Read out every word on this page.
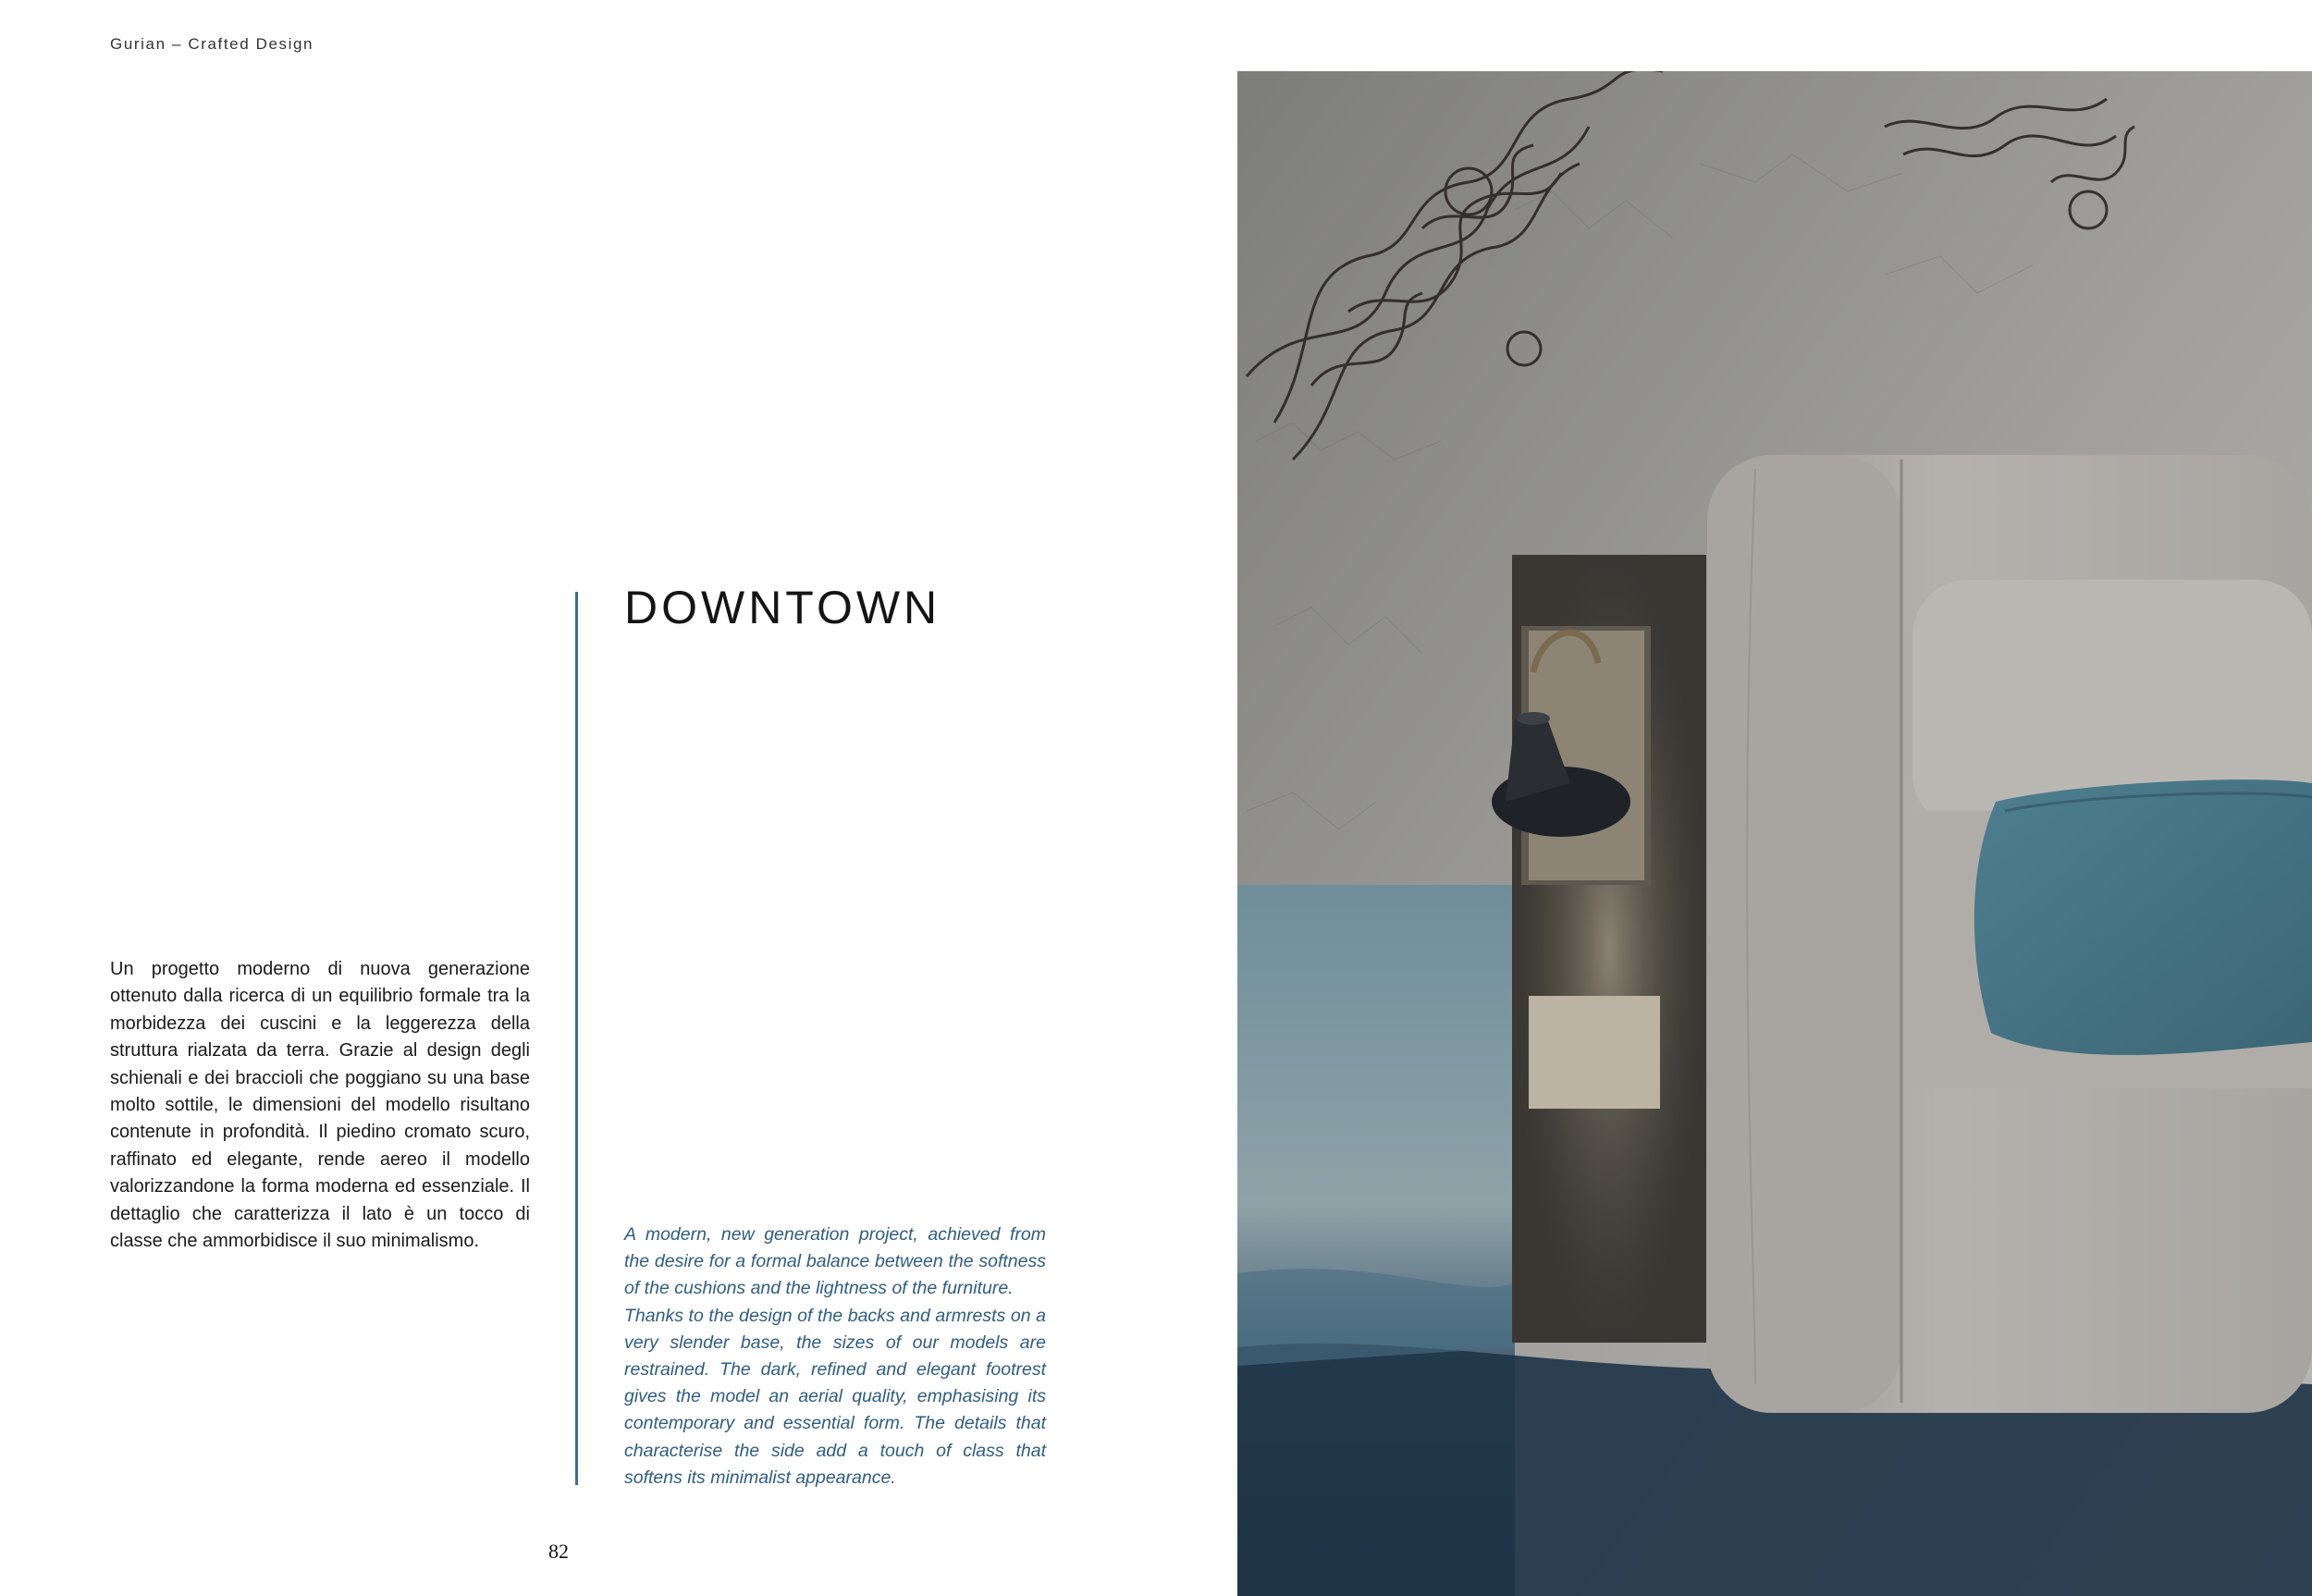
Gurian – Crafted Design
DOWNTOWN

Un progetto moderno di nuova generazione ottenuto dalla ricerca di un equilibrio formale tra la morbidezza dei cuscini e la leggerezza della struttura rialzata da terra. Grazie al design degli schienali e dei braccioli che poggiano su una base molto sottile, le dimensioni del modello risultano contenute in profondità. Il piedino cromato scuro, raffinato ed elegante, rende aereo il modello valorizzandone la forma moderna ed essenziale. Il dettaglio che caratterizza il lato è un tocco di classe che ammorbidisce il suo minimalismo.	A modern, new generation project, achieved from the desire for a formal balance between the softness of the cushions and the lightness of the furniture.
Thanks to the design of the backs and armrests on a very slender base, the sizes of our models are restrained. The dark, refined and elegant footrest gives the model an aerial quality, emphasising its contemporary and essential form. The details that characterise the side add a touch of class that softens its minimalist appearance.
82
